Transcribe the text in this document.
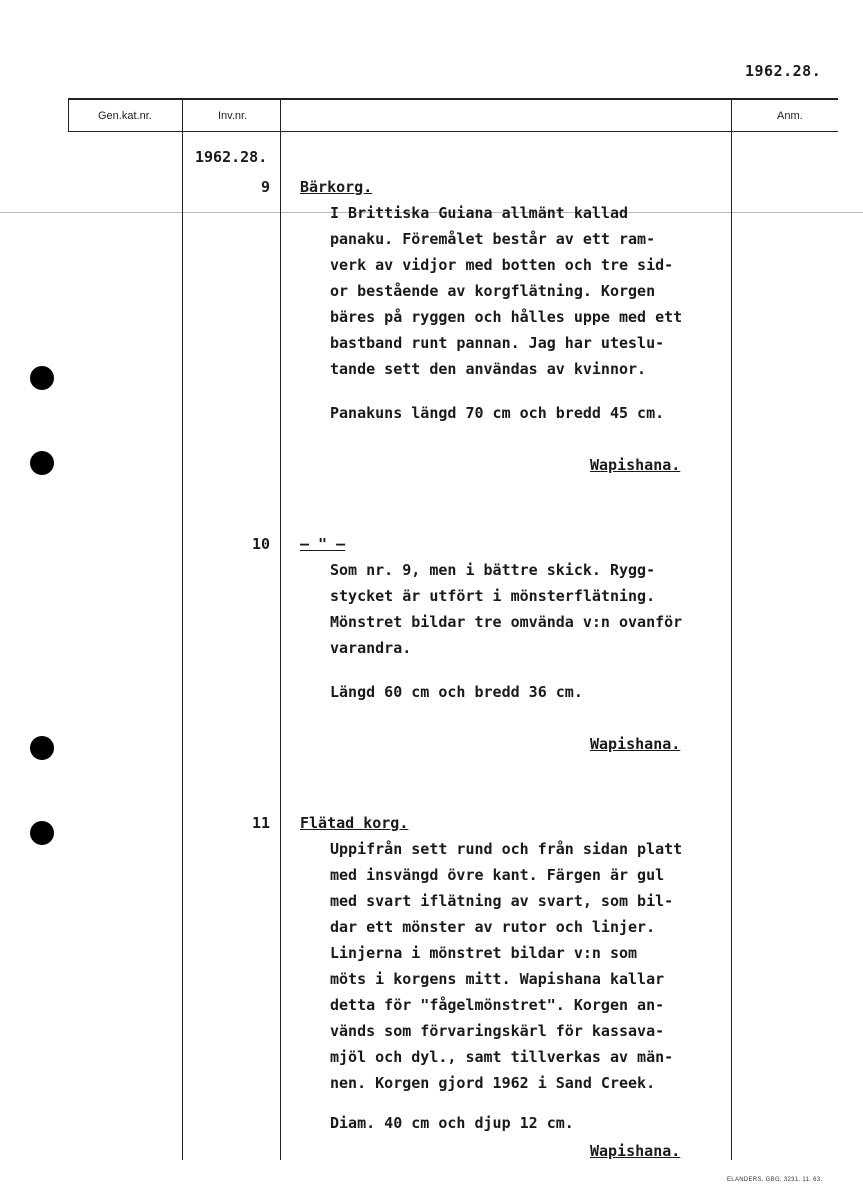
1962.28.
Gen.kat.nr.	Inv.nr.	Anm.
1962.28.
9 Bärkorg.
I Brittiska Guiana allmänt kallad
panaku. Föremålet består av ett ram-
verk av vidjor med botten och tre sid-
or bestående av korgflätning. Korgen
bäres på ryggen och hålles uppe med ett
bastband runt pannan. Jag har uteslu-
tande sett den användas av kvinnor.
Panakuns längd 70 cm och bredd 45 cm.
Wapishana.
10 – " –
Som nr. 9, men i bättre skick. Rygg-
stycket är utfört i mönsterflätning.
Mönstret bildar tre omvända v:n ovanför
varandra.
Längd 60 cm och bredd 36 cm.
Wapishana.
11 Flätad korg.
Uppifrån sett rund och från sidan platt
med insvängd övre kant. Färgen är gul
med svart iflätning av svart, som bil-
dar ett mönster av rutor och linjer.
Linjerna i mönstret bildar v:n som
möts i korgens mitt. Wapishana kallar
detta för "fågelmönstret". Korgen an-
vänds som förvaringskärl för kassava-
mjöl och dyl., samt tillverkas av män-
nen. Korgen gjord 1962 i Sand Creek.
Diam. 40 cm och djup 12 cm.
Wapishana.
ELANDERS. GBG. 3231. 11. 63.
